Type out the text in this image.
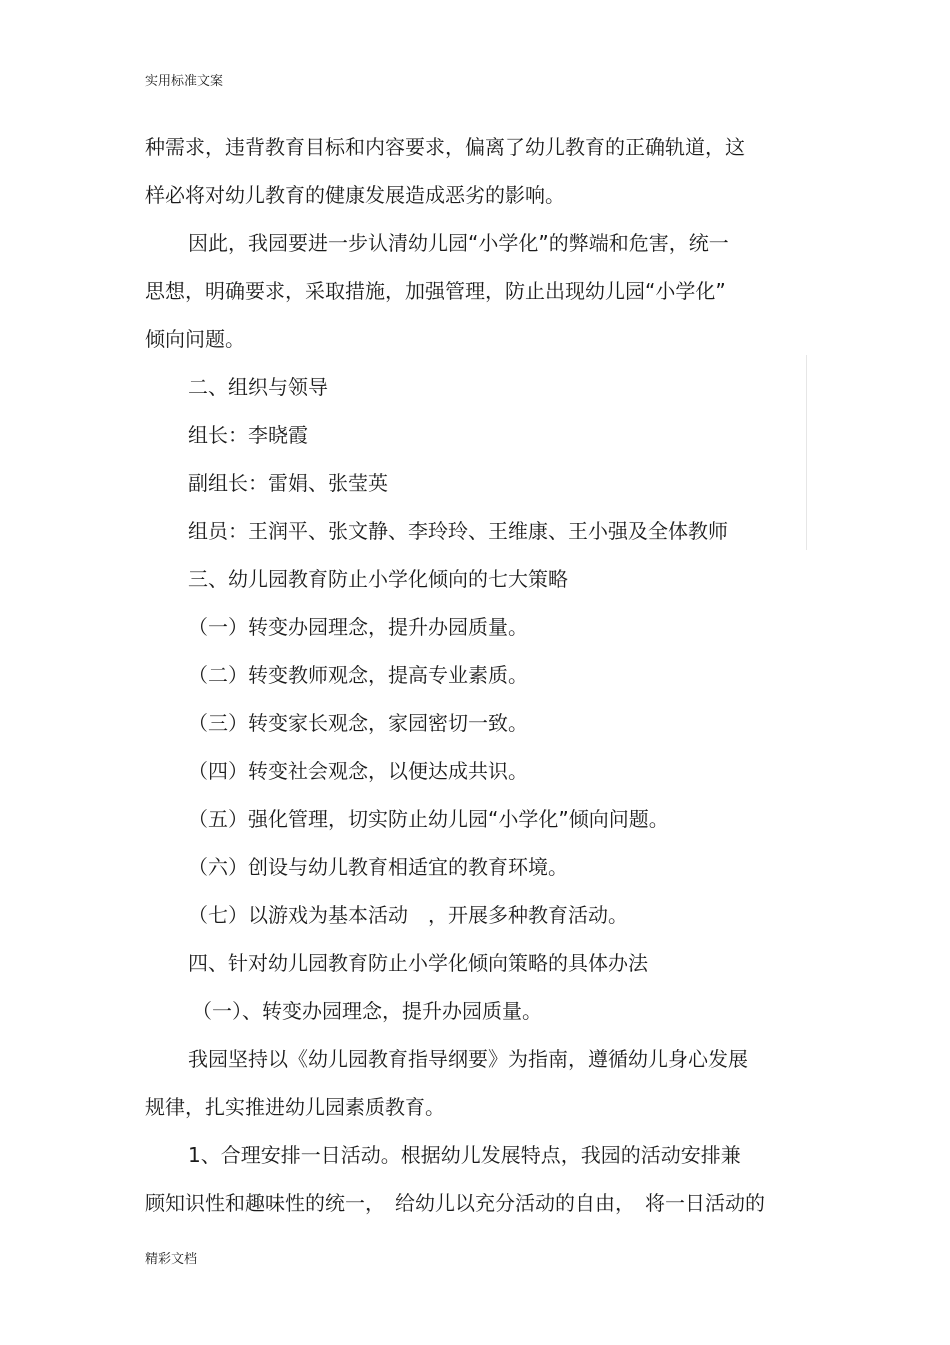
实用标准文案
种需求，违背教育目标和内容要求，偏离了幼儿教育的正确轨道，这
样必将对幼儿教育的健康发展造成恶劣的影响。
因此，我园要进一步认清幼儿园“小学化”的弊端和危害，统一
思想，明确要求，采取措施，加强管理，防止出现幼儿园“小学化”
倾向问题。
二、组织与领导
组长：李晓霞
副组长：雷娟、张莹英
组员：王润平、张文静、李玲玲、王维康、王小强及全体教师
三、幼儿园教育防止小学化倾向的七大策略
（一）转变办园理念，提升办园质量。
（二）转变教师观念，提高专业素质。
（三）转变家长观念，家园密切一致。
（四）转变社会观念，以便达成共识。
（五）强化管理，切实防止幼儿园“小学化”倾向问题。
（六）创设与幼儿教育相适宜的教育环境。
（七）以游戏为基本活动　，开展多种教育活动。
四、针对幼儿园教育防止小学化倾向策略的具体办法
（一）、转变办园理念，提升办园质量。
我园坚持以《幼儿园教育指导纲要》为指南，遵循幼儿身心发展
规律，扎实推进幼儿园素质教育。
1、合理安排一日活动。根据幼儿发展特点，我园的活动安排兼
顾知识性和趣味性的统一，　给幼儿以充分活动的自由，　将一日活动的
精彩文档
